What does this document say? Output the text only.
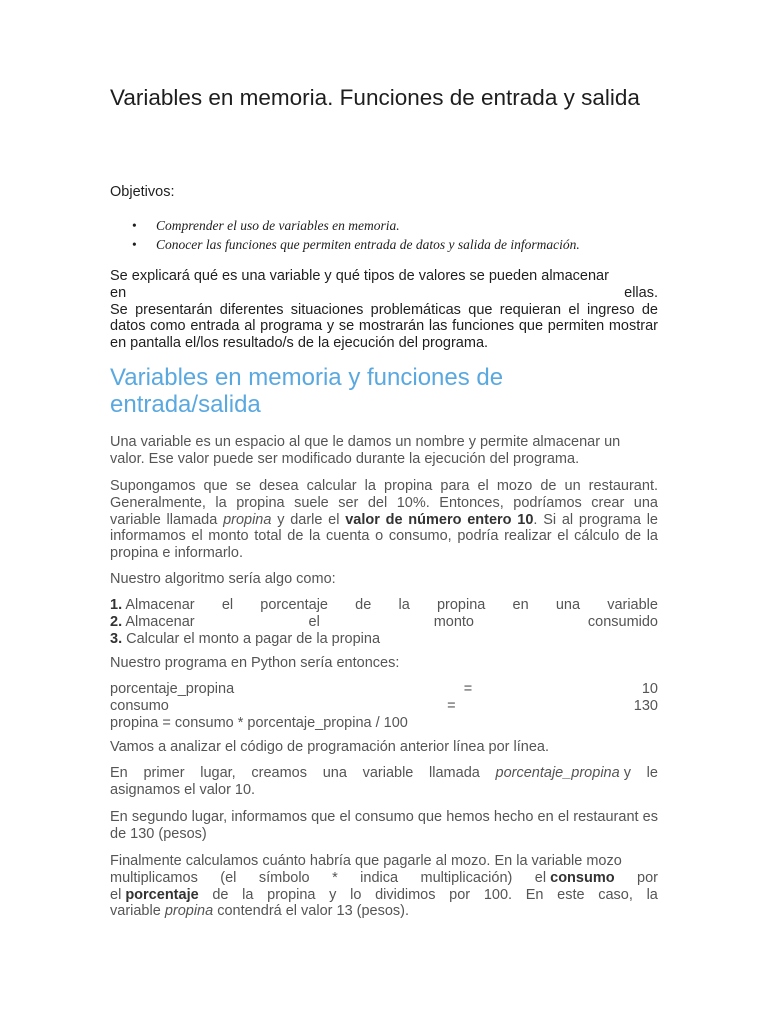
Variables en memoria. Funciones de entrada y salida

Objetivos:

• Comprender el uso de variables en memoria.
• Conocer las funciones que permiten entrada de datos y salida de información.
Se explicará qué es una variable y qué tipos de valores se pueden almacenar
en	ellas.
Se presentarán diferentes situaciones problemáticas que requieran el ingreso de datos como entrada al programa y se mostrarán las funciones que permiten mostrar en pantalla el/los resultado/s de la ejecución del programa.
Variables en memoria y funciones de entrada/salida

Una variable es un espacio al que le damos un nombre y permite almacenar un valor. Ese valor puede ser modificado durante la ejecución del programa.

Supongamos que se desea calcular la propina para el mozo de un restaurant. Generalmente, la propina suele ser del 10%. Entonces, podríamos crear una variable llamada propina y darle el valor de número entero 10. Si al programa le informamos el monto total de la cuenta o consumo, podría realizar el cálculo de la propina e informarlo.

Nuestro algoritmo sería algo como:

1. Almacenar el porcentaje de la propina en una variable
2. Almacenar	el	monto	consumido
3. Calcular el monto a pagar de la propina

Nuestro programa en Python sería entonces:

porcentaje_propina	=	10
consumo	=	130
propina = consumo * porcentaje_propina / 100

Vamos a analizar el código de programación anterior línea por línea.

En primer lugar, creamos una variable llamada porcentaje_propina y le
asignamos el valor 10.

En segundo lugar, informamos que el consumo que hemos hecho en el restaurant es de 130 (pesos)

Finalmente calculamos cuánto habría que pagarle al mozo. En la variable mozo
multiplicamos (el símbolo * indica multiplicación) el consumo por
el porcentaje de la propina y lo dividimos por 100. En este caso, la
variable propina contendrá el valor 13 (pesos).
